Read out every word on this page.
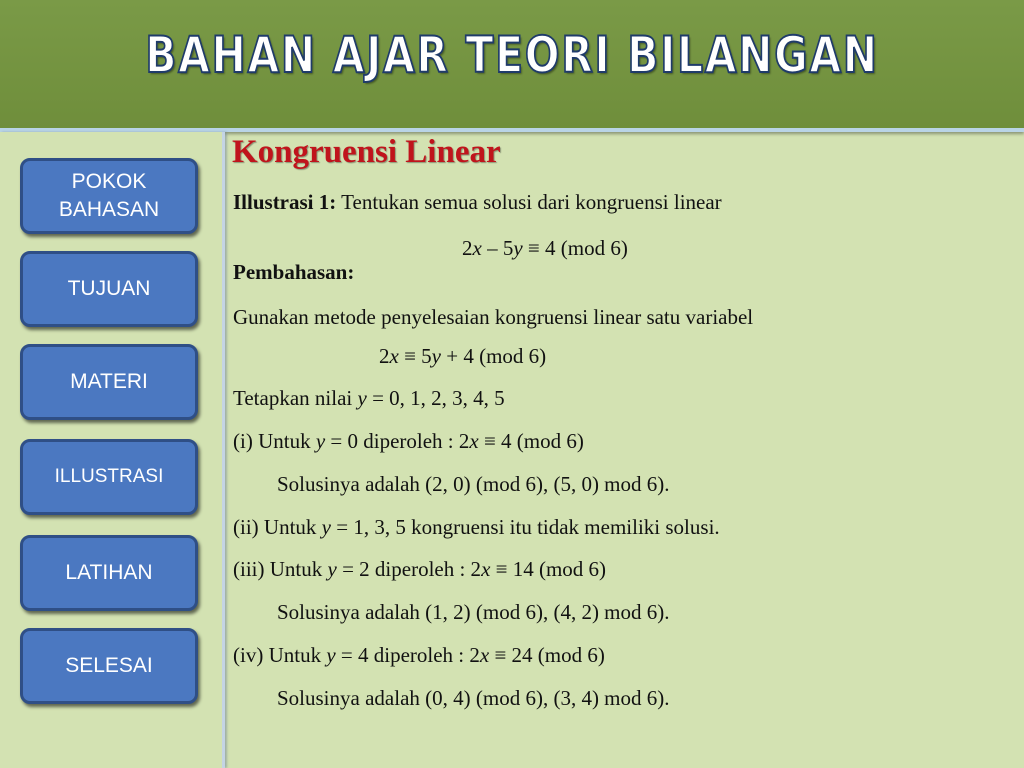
BAHAN AJAR TEORI BILANGAN
POKOK BAHASAN
TUJUAN
MATERI
ILLUSTRASI
LATIHAN
SELESAI
Kongruensi Linear
Illustrasi 1: Tentukan semua solusi dari kongruensi linear
2x – 5y ≡ 4 (mod 6)
Pembahasan:
Gunakan metode penyelesaian kongruensi linear satu variabel
2x ≡ 5y + 4 (mod 6)
Tetapkan nilai y = 0, 1, 2, 3, 4, 5
(i) Untuk y = 0 diperoleh : 2x ≡ 4 (mod 6)
Solusinya adalah (2, 0) (mod 6), (5, 0) mod 6).
(ii) Untuk y = 1, 3, 5 kongruensi itu tidak memiliki solusi.
(iii) Untuk y = 2 diperoleh : 2x ≡ 14 (mod 6)
Solusinya adalah (1, 2) (mod 6), (4, 2) mod 6).
(iv) Untuk y = 4 diperoleh : 2x ≡ 24 (mod 6)
Solusinya adalah (0, 4) (mod 6), (3, 4) mod 6).
